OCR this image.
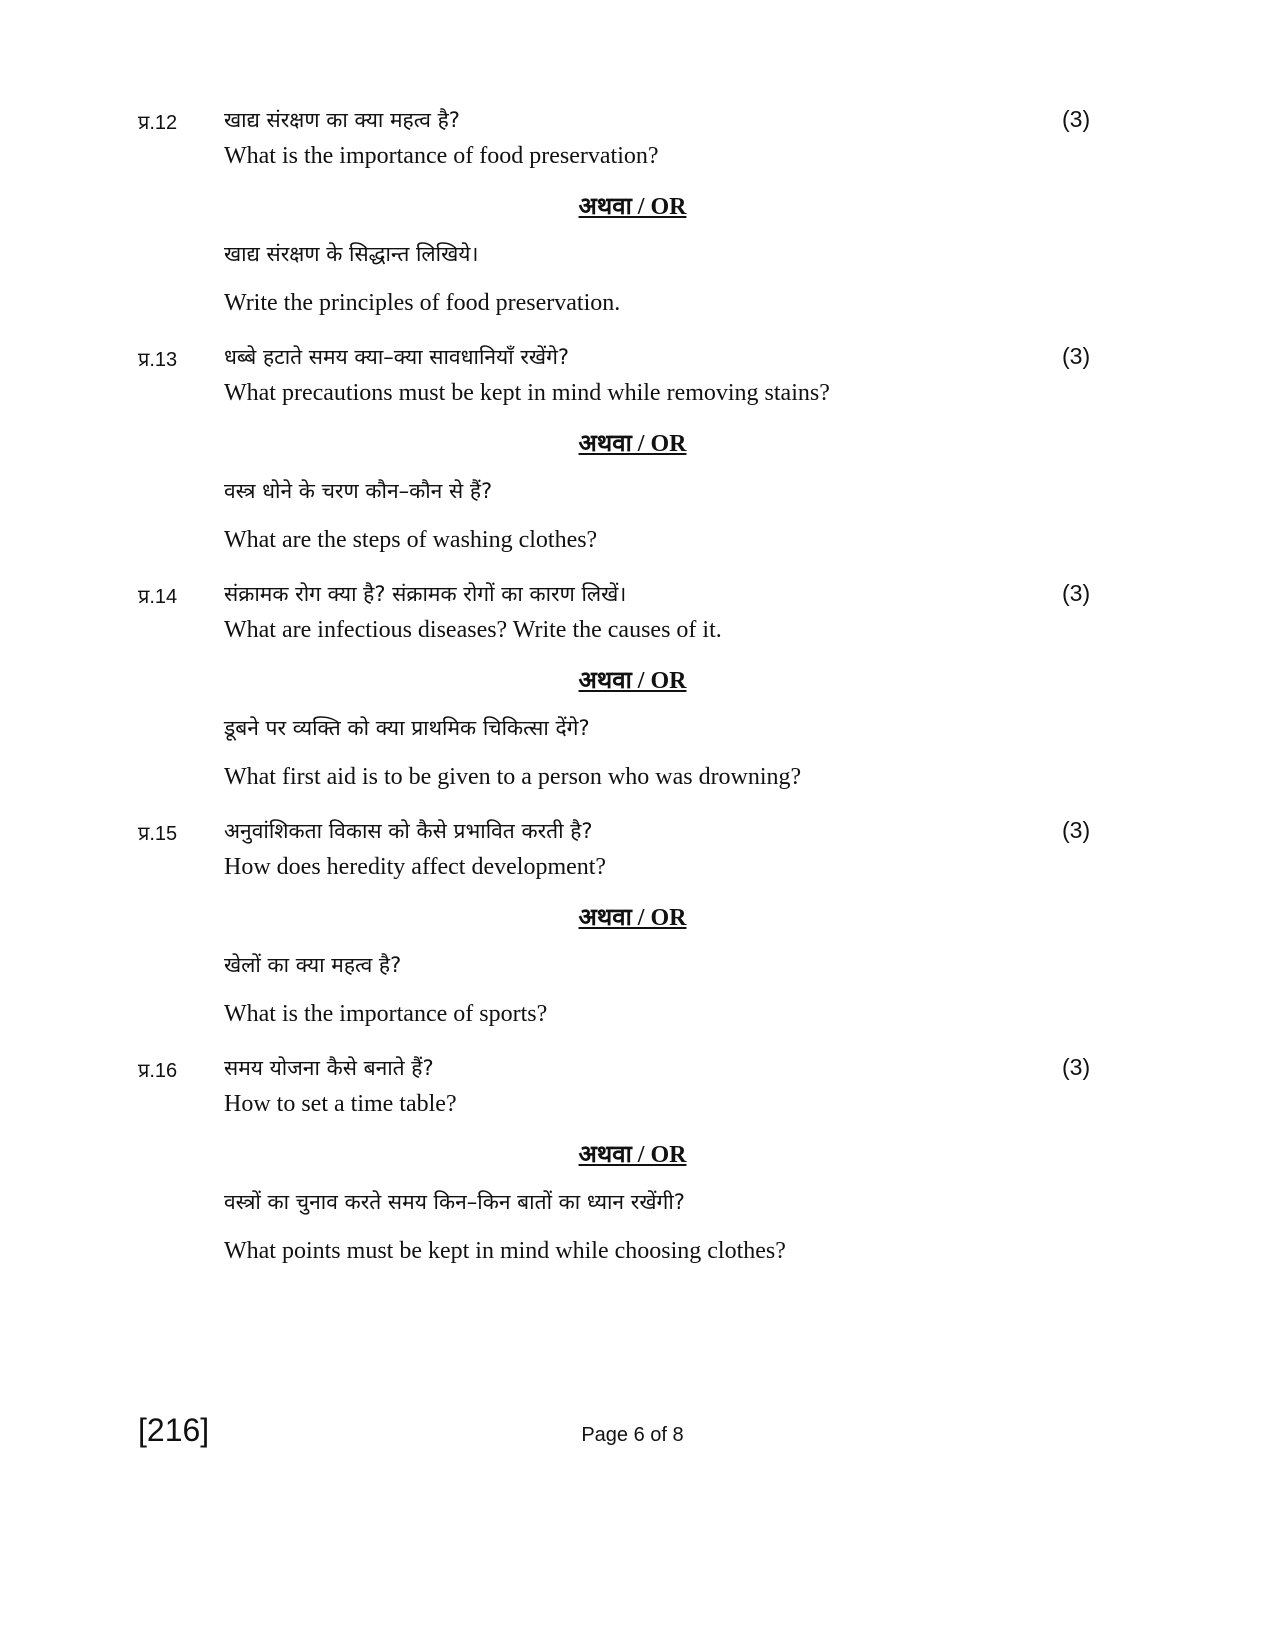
प्र.12 खाद्य संरक्षण का क्या महत्व है?	(3)
What is the importance of food preservation?
अथवा / OR
खाद्य संरक्षण के सिद्धान्त लिखिये।
Write the principles of food preservation.
प्र.13 धब्बे हटाते समय क्या–क्या सावधानियाँ रखेंगे?	(3)
What precautions must be kept in mind while removing stains?
अथवा / OR
वस्त्र धोने के चरण कौन–कौन से हैं?
What are the steps of washing clothes?
प्र.14 संक्रामक रोग क्या है? संक्रामक रोगों का कारण लिखें।	(3)
What are infectious diseases? Write the causes of it.
अथवा / OR
डूबने पर व्यक्ति को क्या प्राथमिक चिकित्सा देंगे?
What first aid is to be given to a person who was drowning?
प्र.15 अनुवांशिकता विकास को कैसे प्रभावित करती है?	(3)
How does heredity affect development?
अथवा / OR
खेलों का क्या महत्व है?
What is the importance of sports?
प्र.16 समय योजना कैसे बनाते हैं?	(3)
How to set a time table?
अथवा / OR
वस्त्रों का चुनाव करते समय किन–किन बातों का ध्यान रखेंगी?
What points must be kept in mind while choosing clothes?
[216]	Page 6 of 8
